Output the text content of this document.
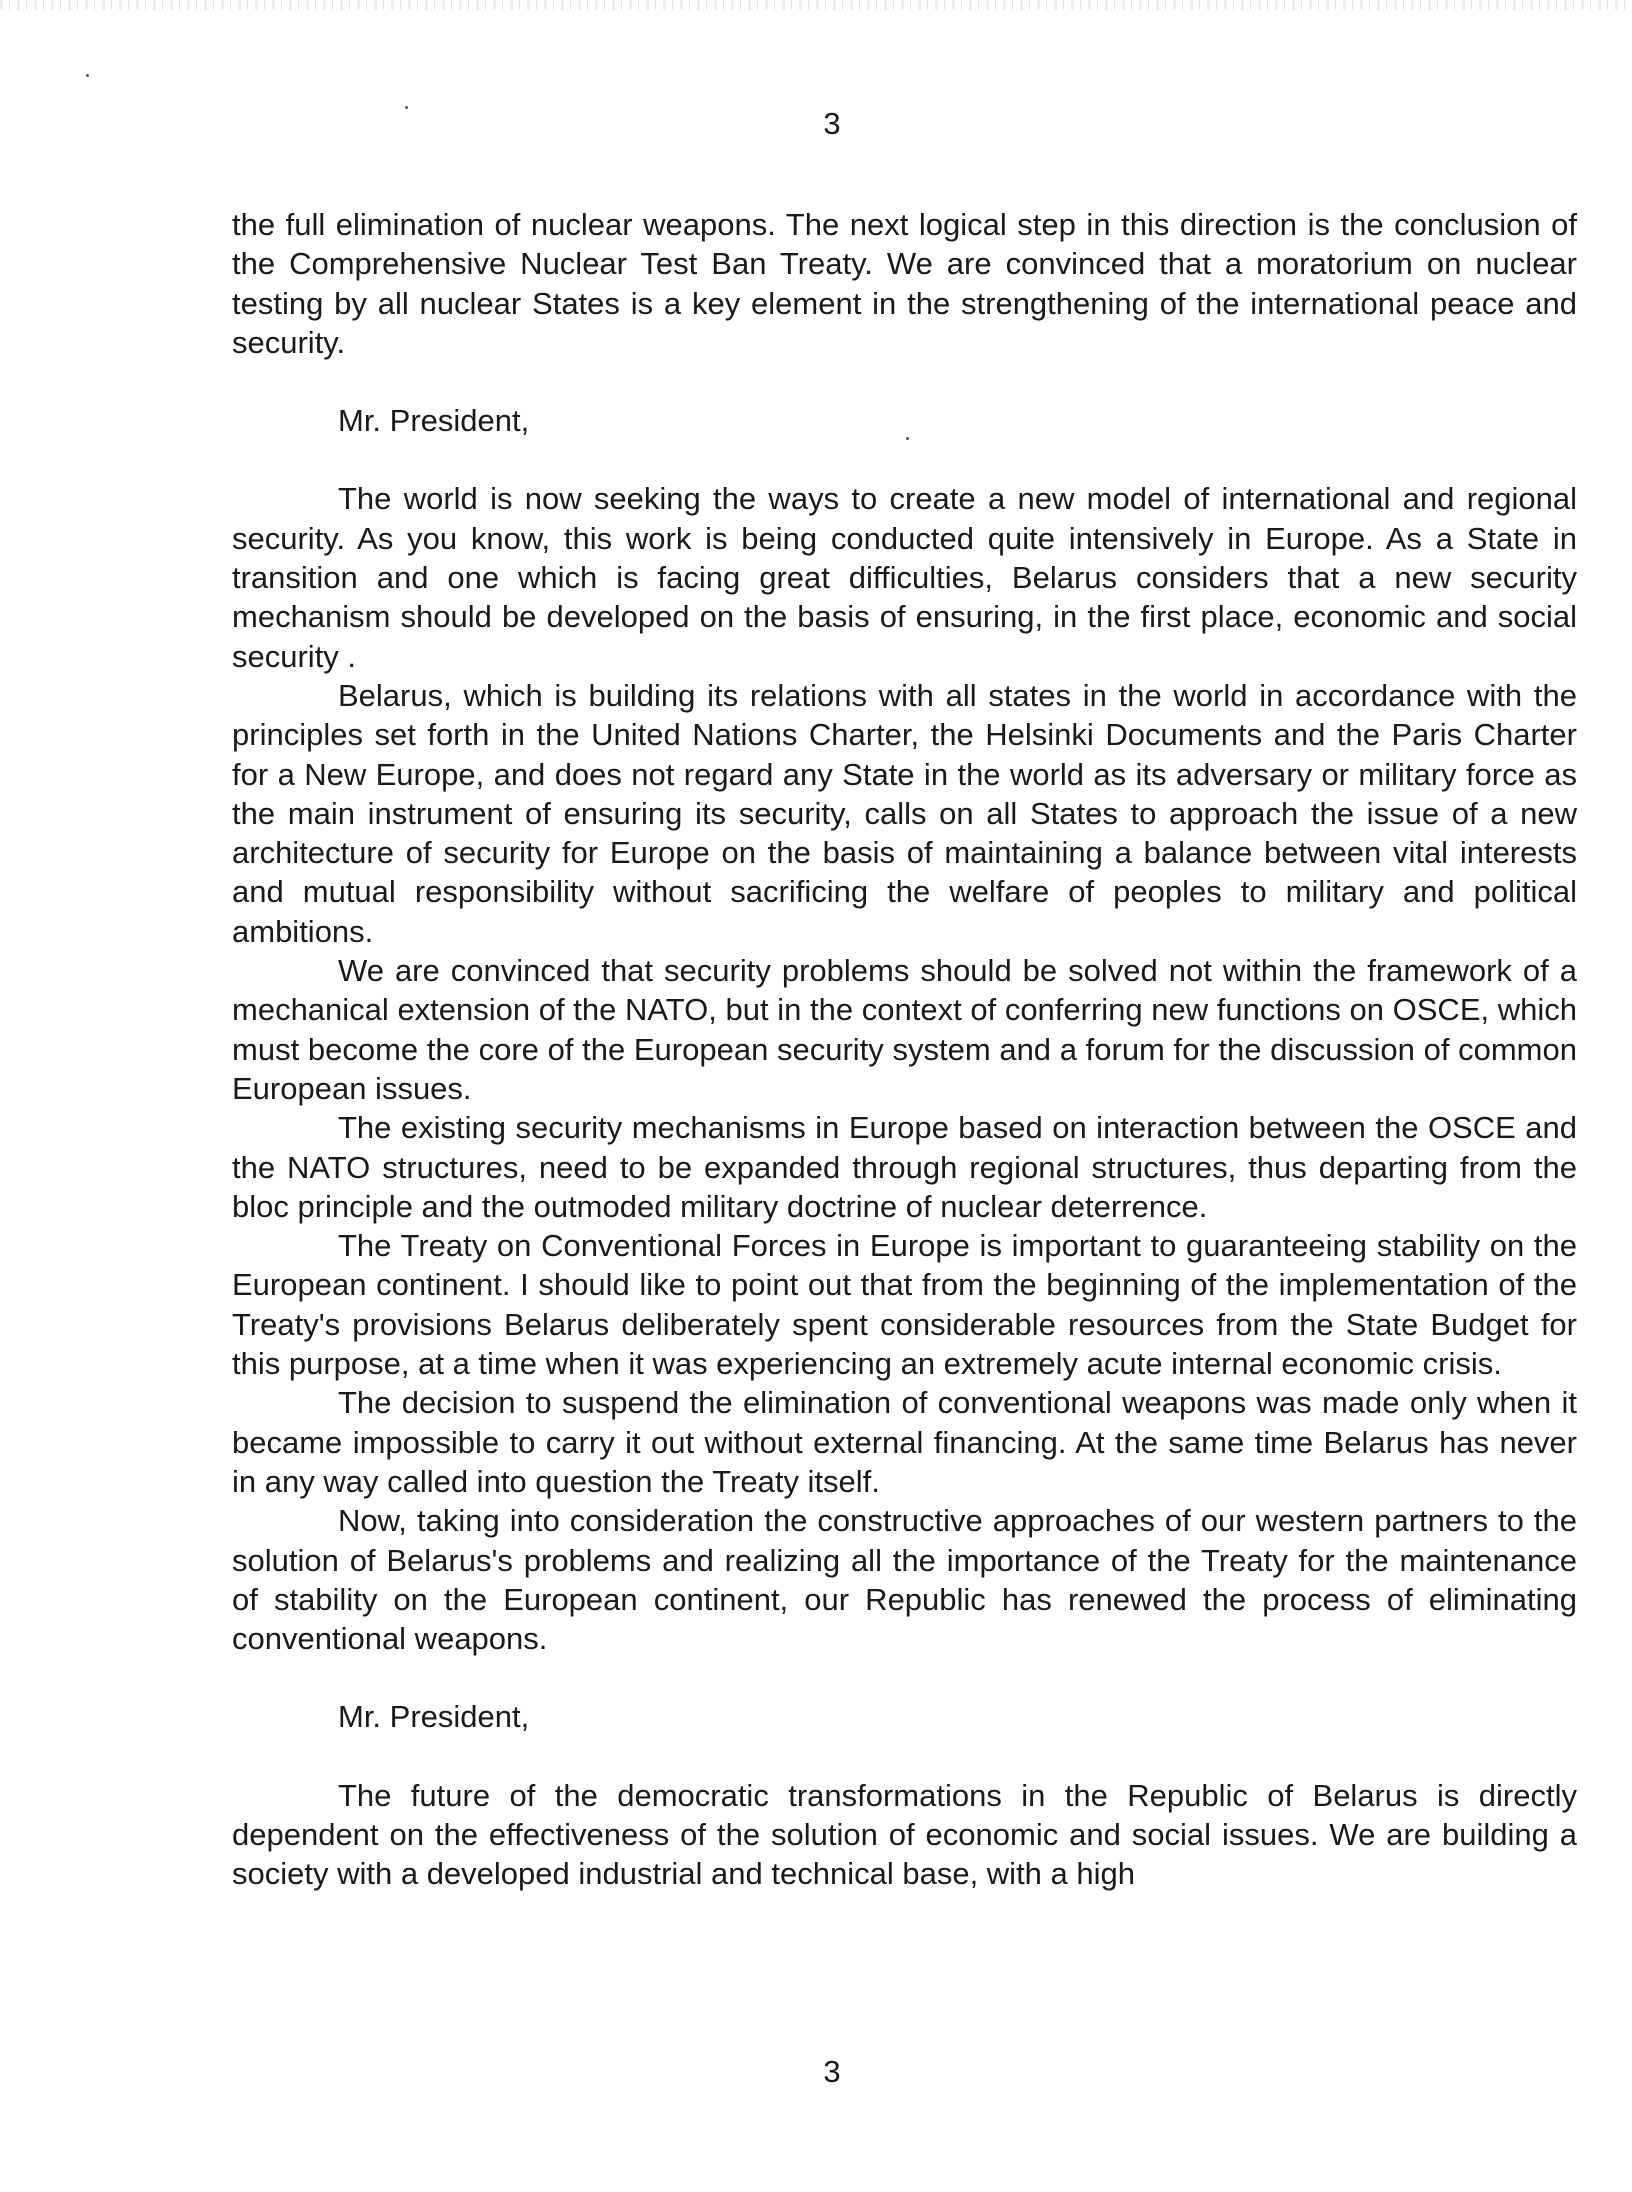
3

the full elimination of nuclear weapons. The next logical step in this direction is the conclusion of the Comprehensive Nuclear Test Ban Treaty. We are convinced that a moratorium on nuclear testing by all nuclear States is a key element in the strengthening of the international peace and security.

Mr. President,

The world is now seeking the ways to create a new model of international and regional security. As you know, this work is being conducted quite intensively in Europe. As a State in transition and one which is facing great difficulties, Belarus considers that a new security mechanism should be developed on the basis of ensuring, in the first place, economic and social security .

Belarus, which is building its relations with all states in the world in accordance with the principles set forth in the United Nations Charter, the Helsinki Documents and the Paris Charter for a New Europe, and does not regard any State in the world as its adversary or military force as the main instrument of ensuring its security, calls on all States to approach the issue of a new architecture of security for Europe on the basis of maintaining a balance between vital interests and mutual responsibility without sacrificing the welfare of peoples to military and political ambitions.

We are convinced that security problems should be solved not within the framework of a mechanical extension of the NATO, but in the context of conferring new functions on OSCE, which must become the core of the European security system and a forum for the discussion of common European issues.

The existing security mechanisms in Europe based on interaction between the OSCE and the NATO structures, need to be expanded through regional structures, thus departing from the bloc principle and the outmoded military doctrine of nuclear deterrence.

The Treaty on Conventional Forces in Europe is important to guaranteeing stability on the European continent. I should like to point out that from the beginning of the implementation of the Treaty's provisions Belarus deliberately spent considerable resources from the State Budget for this purpose, at a time when it was experiencing an extremely acute internal economic crisis.

The decision to suspend the elimination of conventional weapons was made only when it became impossible to carry it out without external financing. At the same time Belarus has never in any way called into question the Treaty itself.

Now, taking into consideration the constructive approaches of our western partners to the solution of Belarus's problems and realizing all the importance of the Treaty for the maintenance of stability on the European continent, our Republic has renewed the process of eliminating conventional weapons.

Mr. President,

The future of the democratic transformations in the Republic of Belarus is directly dependent on the effectiveness of the solution of economic and social issues. We are building a society with a developed industrial and technical base, with a high

3
